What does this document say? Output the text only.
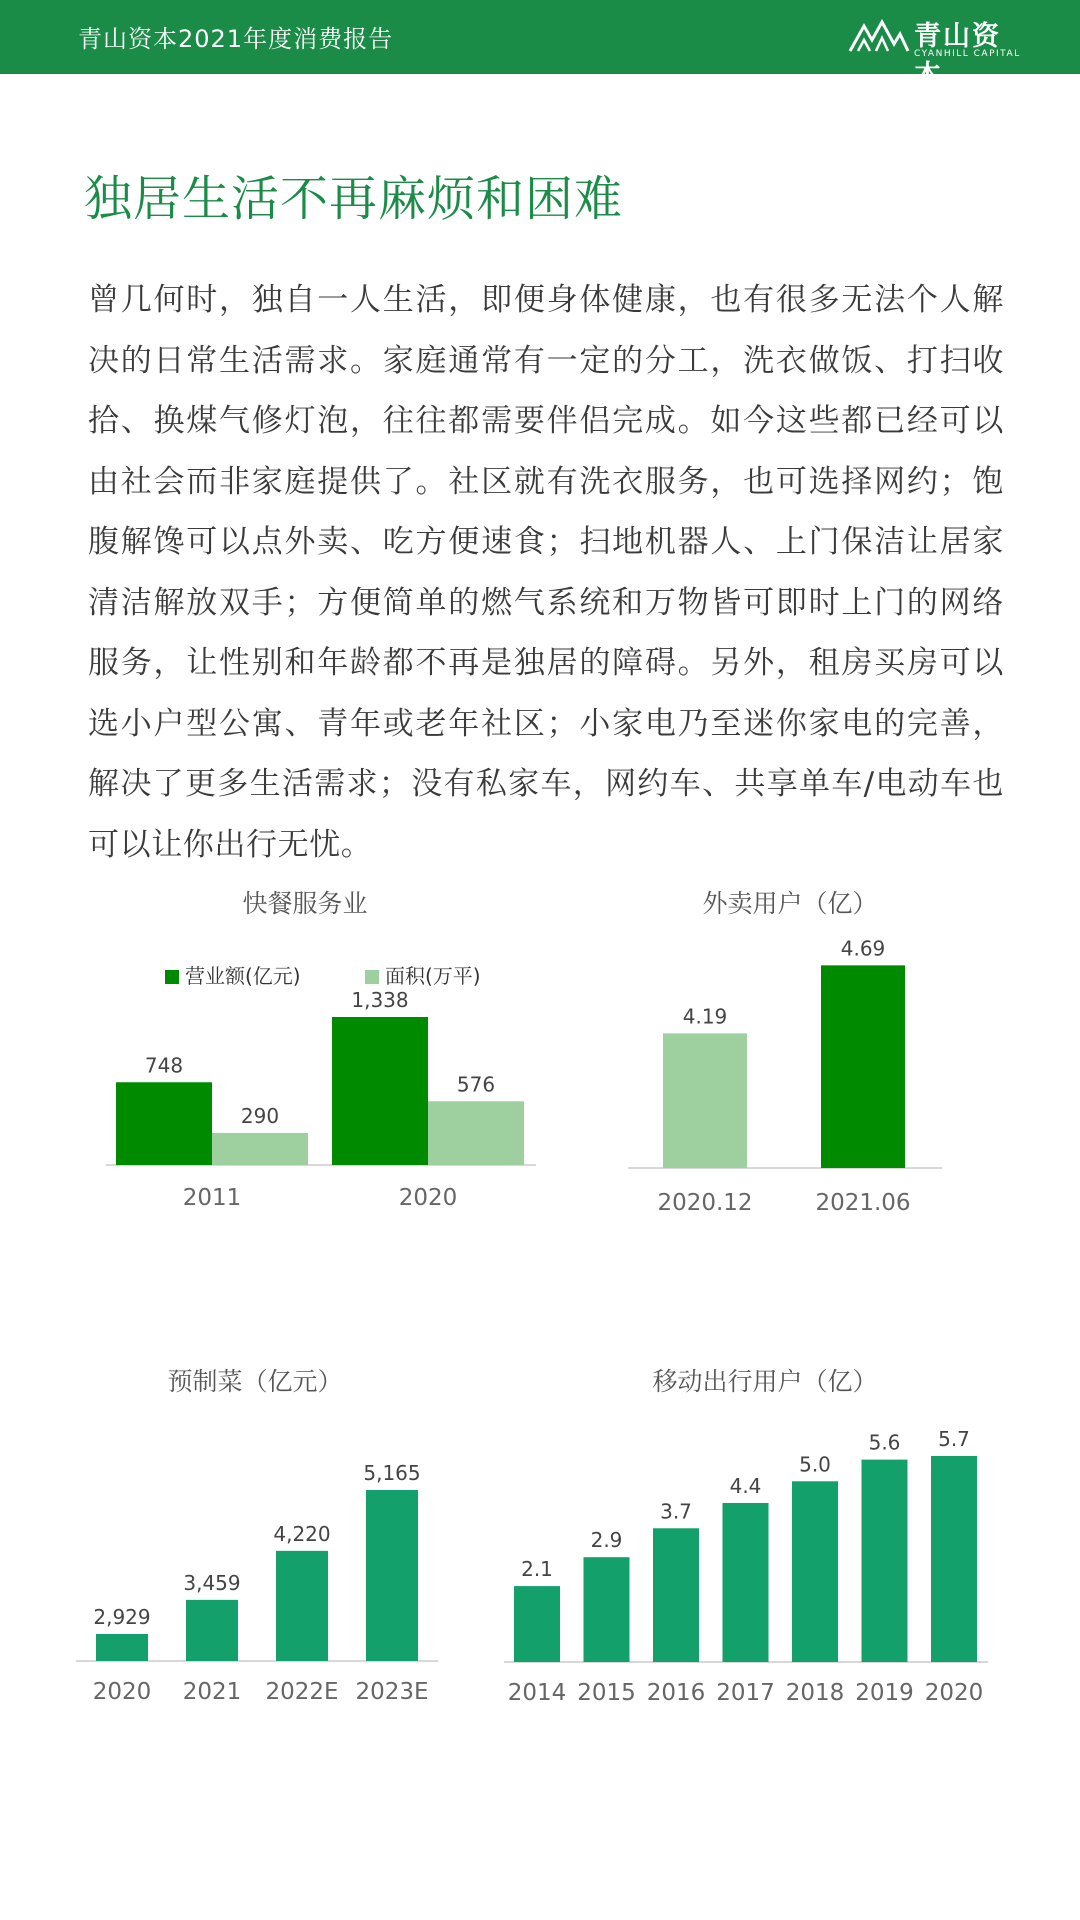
青山资本2021年度消费报告	青山资本
CYANHILL CAPITAL
独居生活不再麻烦和困难
曾几何时，独自一人生活，即便身体健康，也有很多无法个人解决的日常生活需求。家庭通常有一定的分工，洗衣做饭、打扫收拾、换煤气修灯泡，往往都需要伴侣完成。如今这些都已经可以由社会而非家庭提供了。社区就有洗衣服务，也可选择网约；饱腹解馋可以点外卖、吃方便速食；扫地机器人、上门保洁让居家清洁解放双手；方便简单的燃气系统和万物皆可即时上门的网络服务，让性别和年龄都不再是独居的障碍。另外，租房买房可以选小户型公寓、青年或老年社区；小家电乃至迷你家电的完善，解决了更多生活需求；没有私家车，网约车、共享单车/电动车也可以让你出行无忧。
快餐服务业
营业额(亿元)	面积(万平)
748
290
2011
1,338
576
2020
外卖用户（亿）
4.19
2020.12
4.69
2021.06
预制菜（亿元）
2,929
2020
3,459
2021
4,220
2022E
5,165
2023E
移动出行用户（亿）
2.1
2014
2.9
2015
3.7
2016
4.4
2017
5.0
2018
5.6
2019
5.7
2020
